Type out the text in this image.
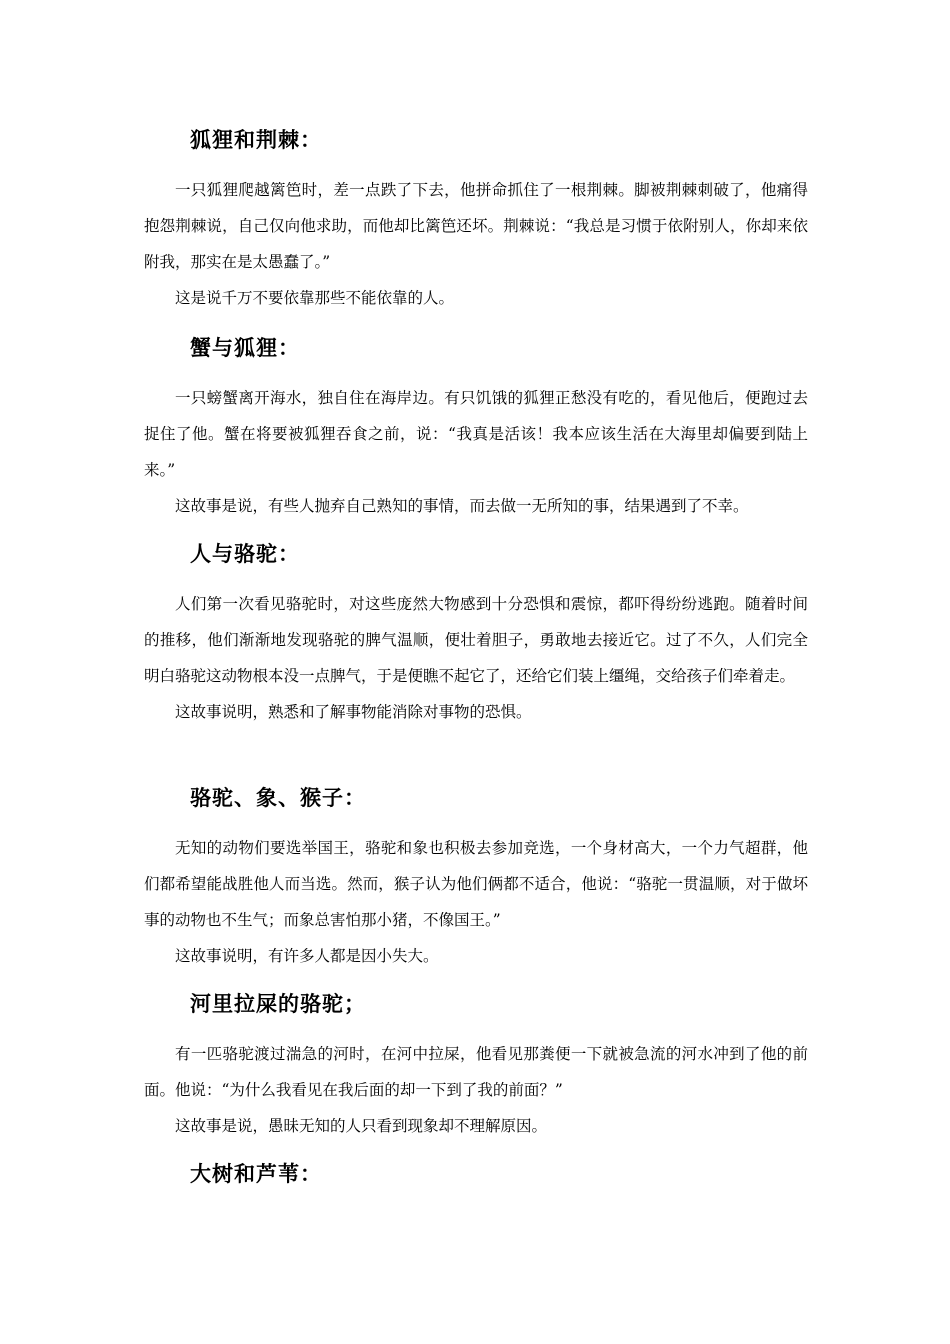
狐狸和荆棘：

一只狐狸爬越篱笆时，差一点跌了下去，他拼命抓住了一根荆棘。脚被荆棘刺破了，他痛得抱怨荆棘说，自己仅向他求助，而他却比篱笆还坏。荆棘说：“我总是习惯于依附别人，你却来依附我，那实在是太愚蠢了。”

这是说千万不要依靠那些不能依靠的人。

蟹与狐狸：

一只螃蟹离开海水，独自住在海岸边。有只饥饿的狐狸正愁没有吃的，看见他后，便跑过去捉住了他。蟹在将要被狐狸吞食之前，说：“我真是活该！我本应该生活在大海里却偏要到陆上来。”

这故事是说，有些人抛弃自己熟知的事情，而去做一无所知的事，结果遇到了不幸。

人与骆驼：

人们第一次看见骆驼时，对这些庞然大物感到十分恐惧和震惊，都吓得纷纷逃跑。随着时间的推移，他们渐渐地发现骆驼的脾气温顺，便壮着胆子，勇敢地去接近它。过了不久，人们完全明白骆驼这动物根本没一点脾气，于是便瞧不起它了，还给它们装上缰绳，交给孩子们牵着走。

这故事说明，熟悉和了解事物能消除对事物的恐惧。

骆驼、象、猴子：

无知的动物们要选举国王，骆驼和象也积极去参加竞选，一个身材高大，一个力气超群，他们都希望能战胜他人而当选。然而，猴子认为他们俩都不适合，他说：“骆驼一贯温顺，对于做坏事的动物也不生气；而象总害怕那小猪，不像国王。”

这故事说明，有许多人都是因小失大。

河里拉屎的骆驼；

有一匹骆驼渡过湍急的河时，在河中拉屎，他看见那粪便一下就被急流的河水冲到了他的前面。他说：“为什么我看见在我后面的却一下到了我的前面？”

这故事是说，愚昧无知的人只看到现象却不理解原因。

大树和芦苇：
